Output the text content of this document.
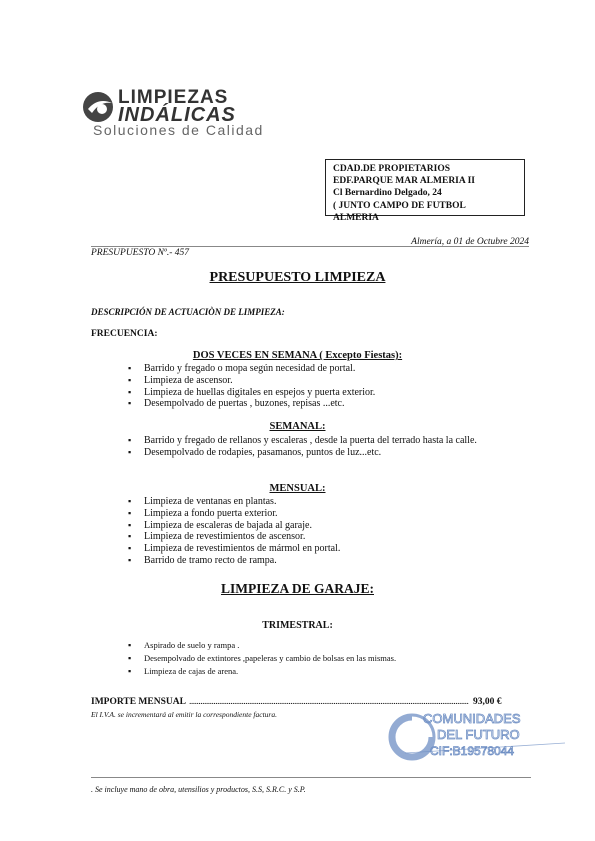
LIMPIEZAS
INDÁLICAS
Soluciones de Calidad
CDAD.DE PROPIETARIOS
EDF.PARQUE MAR ALMERIA II
Cl Bernardino Delgado, 24
( JUNTO CAMPO DE FUTBOL
ALMERIA
Almería, a 01 de Octubre 2024
PRESUPUESTO Nº.- 457
PRESUPUESTO LIMPIEZA
DESCRIPCIÓN DE ACTUACIÒN DE LIMPIEZA:
FRECUENCIA:
DOS VECES EN SEMANA ( Excepto Fiestas):
▪ Barrido y fregado o mopa según necesidad de portal.
▪ Limpieza de ascensor.
▪ Limpieza de huellas digitales en espejos y puerta exterior.
▪ Desempolvado de puertas , buzones, repisas ...etc.
SEMANAL:
▪ Barrido y fregado de rellanos y escaleras , desde la puerta del terrado hasta la calle.
▪ Desempolvado de rodapies, pasamanos, puntos de luz...etc.
MENSUAL:
▪ Limpieza de ventanas en plantas.
▪ Limpieza a fondo puerta exterior.
▪ Limpieza de escaleras de bajada al garaje.
▪ Limpieza de revestimientos de ascensor.
▪ Limpieza de revestimientos de mármol en portal.
▪ Barrido de tramo recto de rampa.
LIMPIEZA DE GARAJE:
TRIMESTRAL:
▪ Aspirado de suelo y rampa .
▪ Desempolvado de extintores ,papeleras y cambio de bolsas en las mismas.
▪ Limpieza de cajas de arena.
IMPORTE MENSUAL ..................................................................................................................................................... 93,00 €
El I.V.A. se incrementará al emitir la correspondiente factura.	COMUNIDADES
DEL FUTURO
CIF:B19578044
. Se incluye mano de obra, utensilios y productos, S.S, S.R.C. y S.P.
